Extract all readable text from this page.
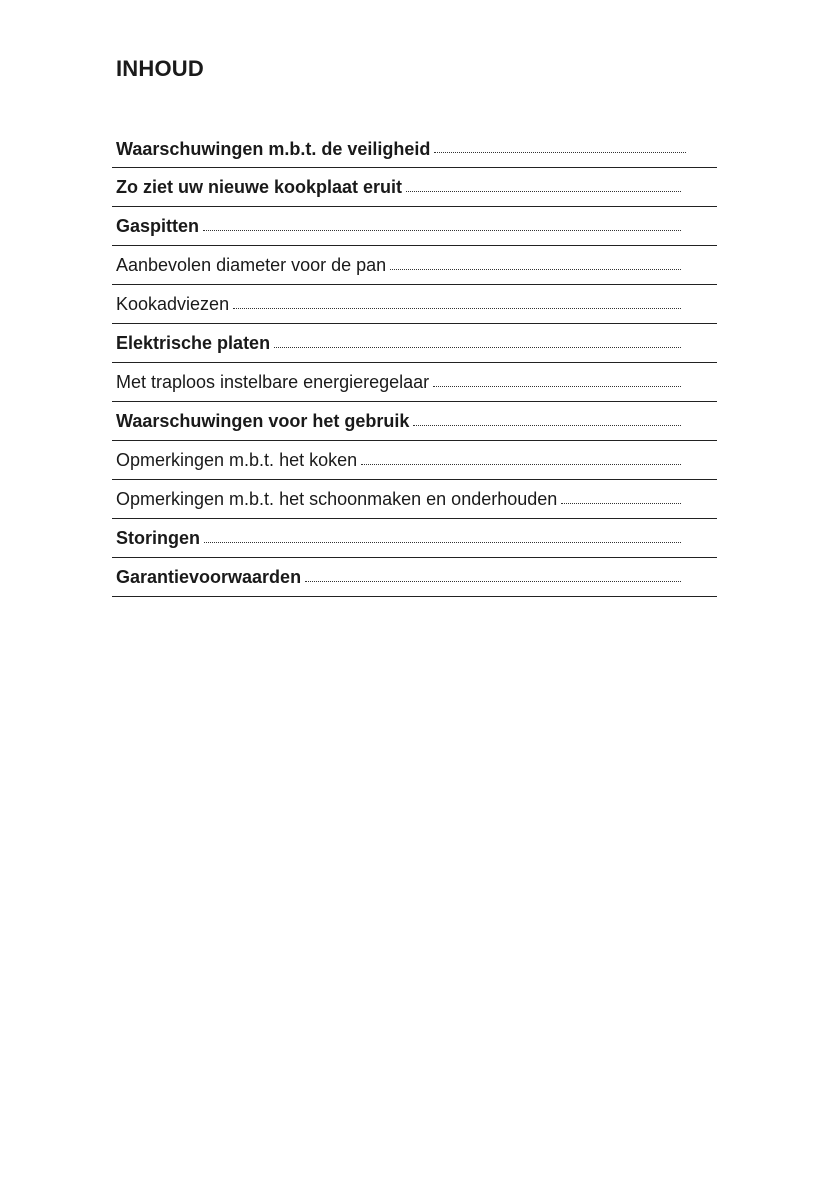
INHOUD
Waarschuwingen m.b.t. de veiligheid
Zo ziet uw nieuwe kookplaat eruit
Gaspitten
Aanbevolen diameter voor de pan
Kookadviezen
Elektrische platen
Met traploos instelbare energieregelaar
Waarschuwingen voor het gebruik
Opmerkingen m.b.t. het koken
Opmerkingen m.b.t. het schoonmaken en onderhouden
Storingen
Garantievoorwaarden
